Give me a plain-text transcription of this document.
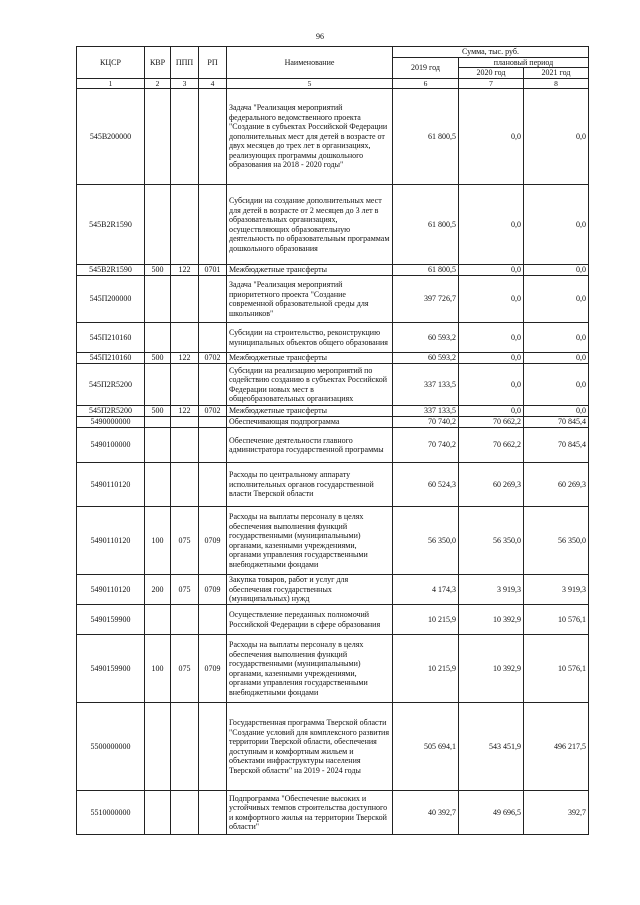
96
КЦСР	КВР	ППП	РП	Наименование	Сумма, тыс. руб.		
					2019 год	плановый период	
						2020 год	2021 год
1	2	3	4	5	6	7	8
545В200000				Задача "Реализация мероприятий федерального ведомственного проекта "Создание в субъектах Российской Федерации дополнительных мест для детей в возрасте от двух месяцев до трех лет в организациях, реализующих программы дошкольного образования на 2018 - 2020 годы"	61 800,5	0,0	0,0
545В2R1590				Субсидии на создание дополнительных мест для детей в возрасте от 2 месяцев до 3 лет в образовательных организациях, осуществляющих образовательную деятельность по образовательным программам дошкольного образования	61 800,5	0,0	0,0
545В2R1590	500	122	0701	Межбюджетные трансферты	61 800,5	0,0	0,0
545П200000				Задача "Реализация мероприятий приоритетного проекта "Создание современной образовательной среды для школьников"	397 726,7	0,0	0,0
545П210160				Субсидии на строительство, реконструкцию муниципальных объектов общего образования	60 593,2	0,0	0,0
545П210160	500	122	0702	Межбюджетные трансферты	60 593,2	0,0	0,0
545П2R5200				Субсидии на реализацию мероприятий по содействию созданию в субъектах Российской Федерации новых мест в общеобразовательных организациях	337 133,5	0,0	0,0
545П2R5200	500	122	0702	Межбюджетные трансферты	337 133,5	0,0	0,0
5490000000				Обеспечивающая подпрограмма	70 740,2	70 662,2	70 845,4
5490100000				Обеспечение деятельности главного администратора государственной программы	70 740,2	70 662,2	70 845,4
5490110120				Расходы по центральному аппарату исполнительных органов государственной власти Тверской области	60 524,3	60 269,3	60 269,3
5490110120	100	075	0709	Расходы на выплаты персоналу в целях обеспечения выполнения функций государственными (муниципальными) органами, казенными учреждениями, органами управления государственными внебюджетными фондами	56 350,0	56 350,0	56 350,0
5490110120	200	075	0709	Закупка товаров, работ и услуг для обеспечения государственных (муниципальных) нужд	4 174,3	3 919,3	3 919,3
5490159900				Осуществление переданных полномочий Российской Федерации в сфере образования	10 215,9	10 392,9	10 576,1
5490159900	100	075	0709	Расходы на выплаты персоналу в целях обеспечения выполнения функций государственными (муниципальными) органами, казенными учреждениями, органами управления государственными внебюджетными фондами	10 215,9	10 392,9	10 576,1
5500000000				Государственная программа Тверской области "Создание условий для комплексного развития территории Тверской области, обеспечения доступным и комфортным жильем и объектами инфраструктуры населения Тверской области" на 2019 - 2024 годы	505 694,1	543 451,9	496 217,5
5510000000				Подпрограмма "Обеспечение высоких и устойчивых темпов строительства доступного и комфортного жилья на территории Тверской области"	40 392,7	49 696,5	392,7
